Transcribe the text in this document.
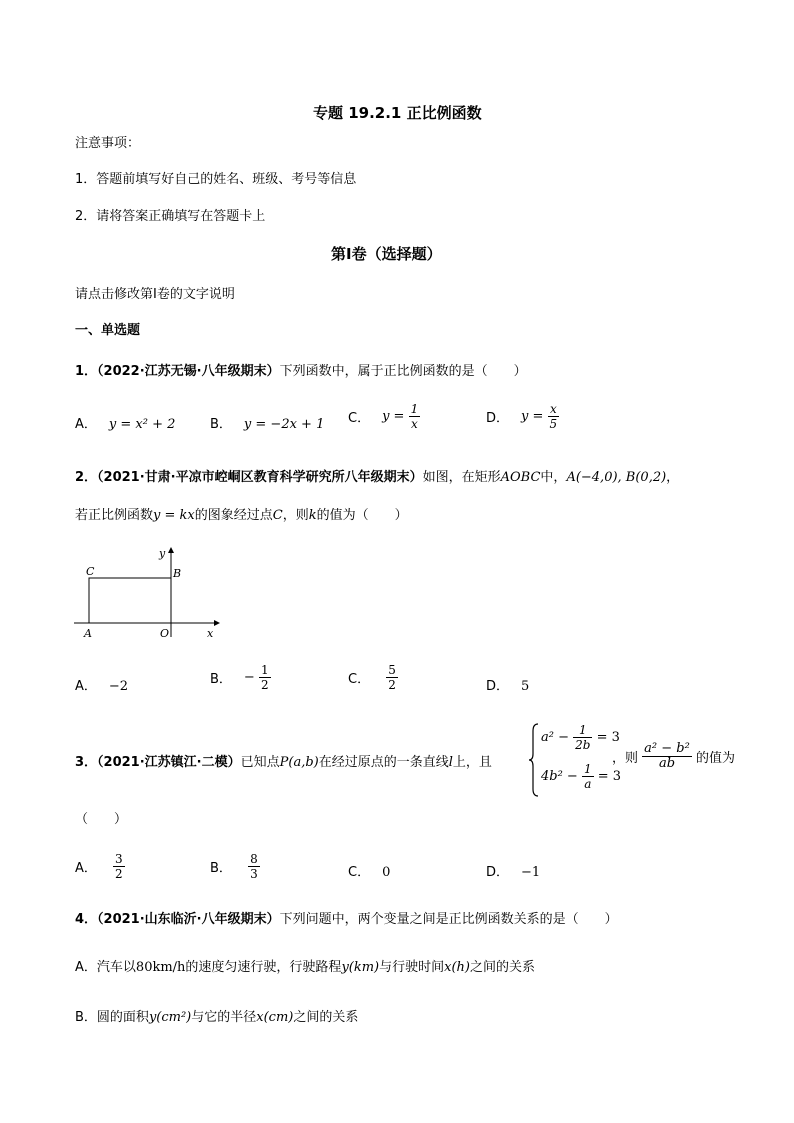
专题 19.2.1 正比例函数
注意事项：
1．答题前填写好自己的姓名、班级、考号等信息
2．请将答案正确填写在答题卡上
第Ⅰ卷（选择题）
请点击修改第Ⅰ卷的文字说明
一、单选题
1．（2022·江苏无锡·八年级期末）下列函数中，属于正比例函数的是（　　）
A． y = x² + 2	B． y = −2x + 1 C． $y = \frac{1}{x}$	D． $y = \frac{x}{5}$
2．（2021·甘肃·平凉市崆峒区教育科学研究所八年级期末）如图，在矩形AOBC中，A(−4,0), B(0,2)，
若正比例函数y = kx的图象经过点C，则k的值为（　　）
y
x
C	B
A	O
A． −2	B． − $\frac{1}{2}$	C． $\frac{5}{2}$	D． 5
3．（2021·江苏镇江·二模）已知点P(a,b)在经过原点的一条直线l上，且
$a^2 - \frac{1}{2b} = 3$
$4b^2 - \frac{1}{a} = 3$
，则 $\frac{\text{a² − b²}}{ab}$ 的值为
（　　）
A． $\frac{3}{2}$	B． $\frac{8}{3}$	C． 0	D． −1
4．（2021·山东临沂·八年级期末）下列问题中，两个变量之间是正比例函数关系的是（　　）
A．汽车以80km/h的速度匀速行驶，行驶路程y(km)与行驶时间x(h)之间的关系
B．圆的面积y(cm²)与它的半径x(cm)之间的关系
